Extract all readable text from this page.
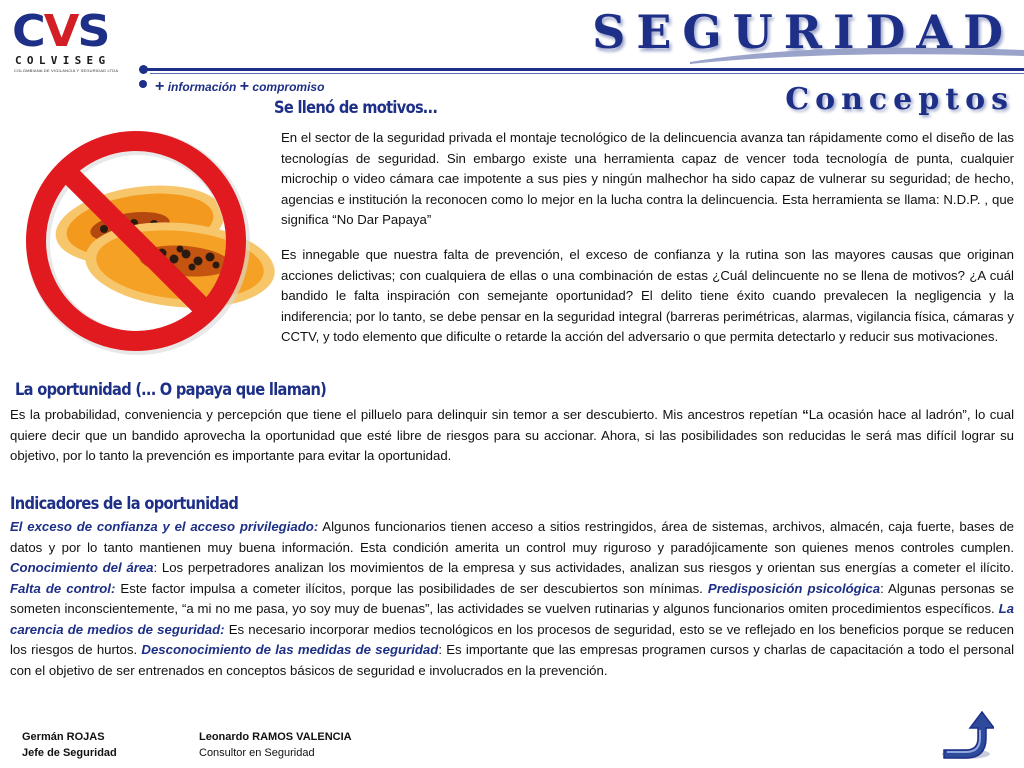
CVS
COLVISEG
COLOMBIANA DE VIGILANCIA Y SEGURIDAD LTDA
+ información + compromiso
SEGURIDAD
Conceptos
Se llenó de motivos…
En el sector de la seguridad privada el montaje tecnológico de la delincuencia avanza tan rápidamente como el diseño de las tecnologías de seguridad. Sin embargo existe una herramienta capaz de vencer toda tecnología de punta, cualquier microchip o video cámara cae impotente a sus pies y ningún malhechor ha sido capaz de vulnerar su seguridad; de hecho, agencias e institución la reconocen como lo mejor en la lucha contra la delincuencia. Esta herramienta se llama: N.D.P. , que significa “No Dar Papaya”
Es innegable que nuestra falta de prevención, el exceso de confianza y la rutina son las mayores causas que originan acciones delictivas; con cualquiera de ellas o una combinación de estas ¿Cuál delincuente no se llena de motivos? ¿A cuál bandido le falta inspiración con semejante oportunidad? El delito tiene éxito cuando prevalecen la negligencia y la indiferencia; por lo tanto, se debe pensar en la seguridad integral (barreras perimétricas, alarmas, vigilancia física, cámaras y CCTV, y todo elemento que dificulte o retarde la acción del adversario o que permita detectarlo y reducir sus motivaciones.
La oportunidad (… O papaya que llaman)
Es la probabilidad, conveniencia y percepción que tiene el pilluelo para delinquir sin temor a ser descubierto. Mis ancestros repetían “La ocasión hace al ladrón”, lo cual quiere decir que un bandido aprovecha la oportunidad que esté libre de riesgos para su accionar. Ahora, si las posibilidades son reducidas le será mas difícil lograr su objetivo, por lo tanto la prevención es importante para evitar la oportunidad.
Indicadores de la oportunidad
El exceso de confianza y el acceso privilegiado: Algunos funcionarios tienen acceso a sitios restringidos, área de sistemas, archivos, almacén, caja fuerte, bases de datos y por lo tanto mantienen muy buena información. Esta condición amerita un control muy riguroso y paradójicamente son quienes menos controles cumplen. Conocimiento del área: Los perpetradores analizan los movimientos de la empresa y sus actividades, analizan sus riesgos y orientan sus energías a cometer el ilícito. Falta de control: Este factor impulsa a cometer ilícitos, porque las posibilidades de ser descubiertos son mínimas. Predisposición psicológica: Algunas personas se someten inconscientemente, “a mi no me pasa, yo soy muy de buenas”, las actividades se vuelven rutinarias y algunos funcionarios omiten procedimientos específicos. La carencia de medios de seguridad: Es necesario incorporar medios tecnológicos en los procesos de seguridad, esto se ve reflejado en los beneficios porque se reducen los riesgos de hurtos. Desconocimiento de las medidas de seguridad: Es importante que las empresas programen cursos y charlas de capacitación a todo el personal con el objetivo de ser entrenados en conceptos básicos de seguridad e involucrados en la prevención.
Germán ROJAS
Jefe de Seguridad
Leonardo RAMOS VALENCIA
Consultor en Seguridad
